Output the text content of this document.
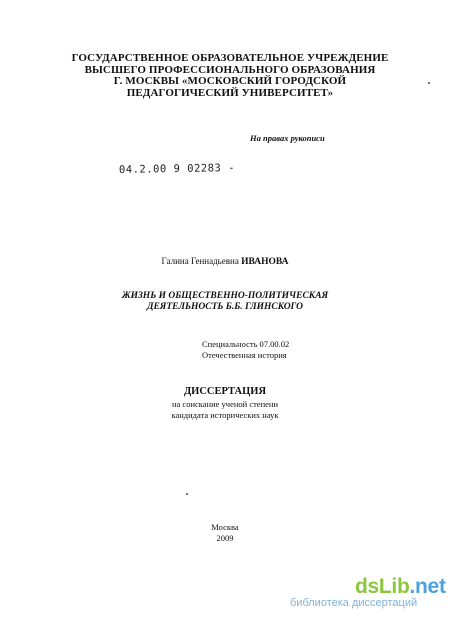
ГОСУДАРСТВЕННОЕ ОБРАЗОВАТЕЛЬНОЕ УЧРЕЖДЕНИЕ
ВЫСШЕГО ПРОФЕССИОНАЛЬНОГО ОБРАЗОВАНИЯ
Г. МОСКВЫ «МОСКОВСКИЙ ГОРОДСКОЙ
ПЕДАГОГИЧЕСКИЙ УНИВЕРСИТЕТ»
На правах рукописи
04.2.00 9 02283 -
Галина Геннадьевна ИВАНОВА
ЖИЗНЬ И ОБЩЕСТВЕННО-ПОЛИТИЧЕСКАЯ
ДЕЯТЕЛЬНОСТЬ Б.Б. ГЛИНСКОГО
Специальность 07.00.02
Отечественная история
ДИССЕРТАЦИЯ
на соискание ученой степени
кандидата исторических наук
Москва
2009
dsLib.net
библиотека диссертаций
